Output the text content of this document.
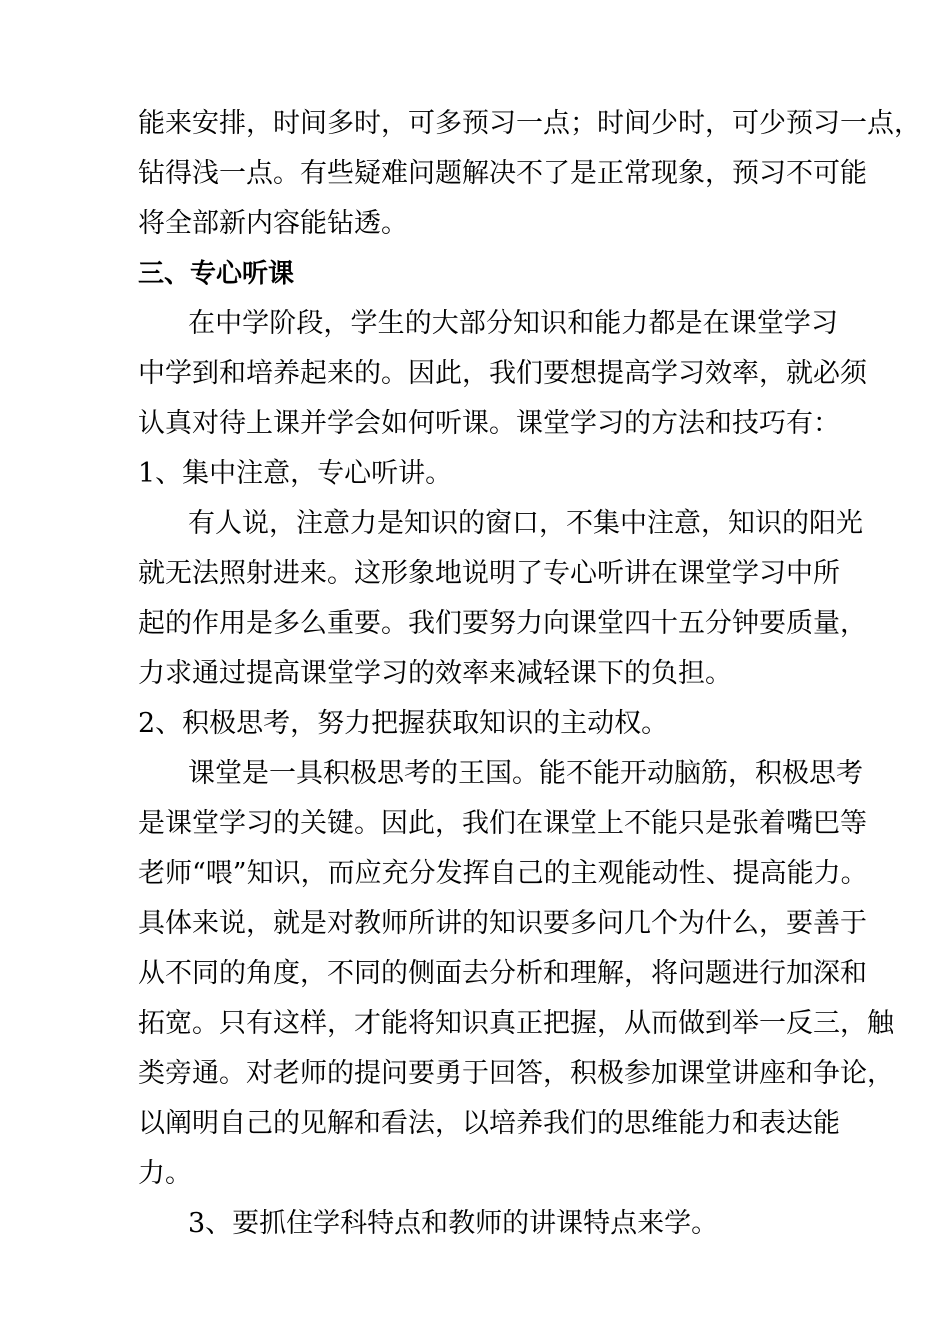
能来安排，时间多时，可多预习一点；时间少时，可少预习一点，
钻得浅一点。有些疑难问题解决不了是正常现象，预习不可能
将全部新内容能钻透。
三、专心听课
在中学阶段，学生的大部分知识和能力都是在课堂学习
中学到和培养起来的。因此，我们要想提高学习效率，就必须
认真对待上课并学会如何听课。课堂学习的方法和技巧有：
1、集中注意，专心听讲。
有人说，注意力是知识的窗口，不集中注意，知识的阳光
就无法照射进来。这形象地说明了专心听讲在课堂学习中所
起的作用是多么重要。我们要努力向课堂四十五分钟要质量，
力求通过提高课堂学习的效率来减轻课下的负担。
2、积极思考，努力把握获取知识的主动权。
课堂是一具积极思考的王国。能不能开动脑筋，积极思考
是课堂学习的关键。因此，我们在课堂上不能只是张着嘴巴等
老师“喂”知识，而应充分发挥自己的主观能动性、提高能力。
具体来说，就是对教师所讲的知识要多问几个为什么，要善于
从不同的角度，不同的侧面去分析和理解，将问题进行加深和
拓宽。只有这样，才能将知识真正把握，从而做到举一反三，触
类旁通。对老师的提问要勇于回答，积极参加课堂讲座和争论，
以阐明自己的见解和看法，以培养我们的思维能力和表达能
力。
3、要抓住学科特点和教师的讲课特点来学。
